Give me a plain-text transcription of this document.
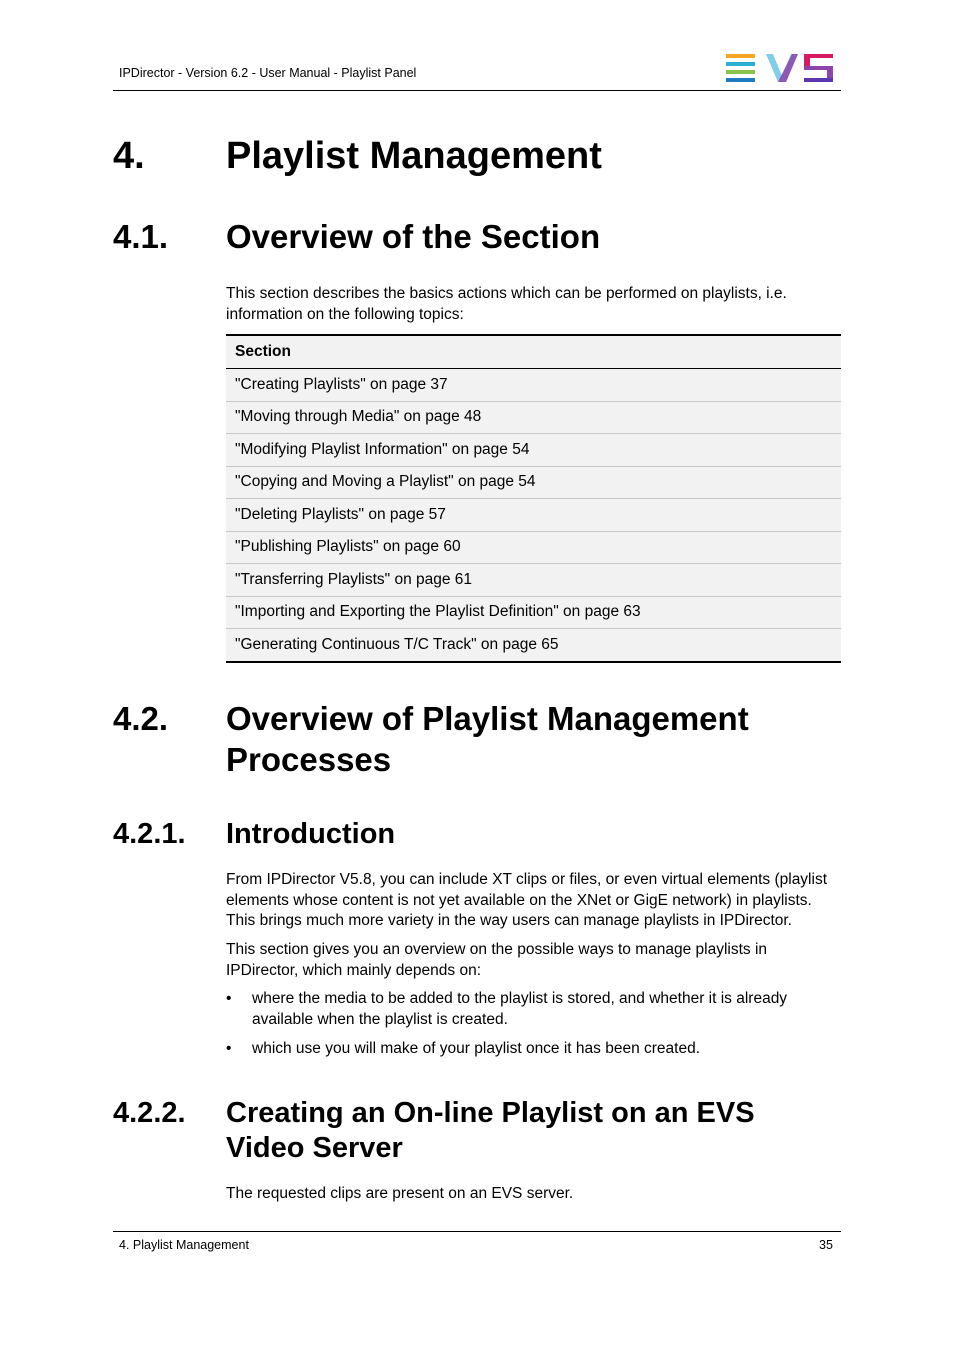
IPDirector - Version 6.2 - User Manual - Playlist Panel
4. Playlist Management
4.1. Overview of the Section
This section describes the basics actions which can be performed on playlists, i.e. information on the following topics:
Section
"Creating Playlists" on page 37
"Moving through Media" on page 48
"Modifying Playlist Information" on page 54
"Copying and Moving a Playlist" on page 54
"Deleting Playlists" on page 57
"Publishing Playlists" on page 60
"Transferring Playlists" on page 61
"Importing and Exporting the Playlist Definition" on page 63
"Generating Continuous T/C Track" on page 65
4.2. Overview of Playlist Management
Processes
4.2.1. Introduction
From IPDirector V5.8, you can include XT clips or files, or even virtual elements (playlist elements whose content is not yet available on the XNet or GigE network) in playlists. This brings much more variety in the way users can manage playlists in IPDirector.
This section gives you an overview on the possible ways to manage playlists in IPDirector, which mainly depends on:
• where the media to be added to the playlist is stored, and whether it is already available when the playlist is created.
• which use you will make of your playlist once it has been created.
4.2.2. Creating an On-line Playlist on an EVS
Video Server
The requested clips are present on an EVS server.
4. Playlist Management	35
